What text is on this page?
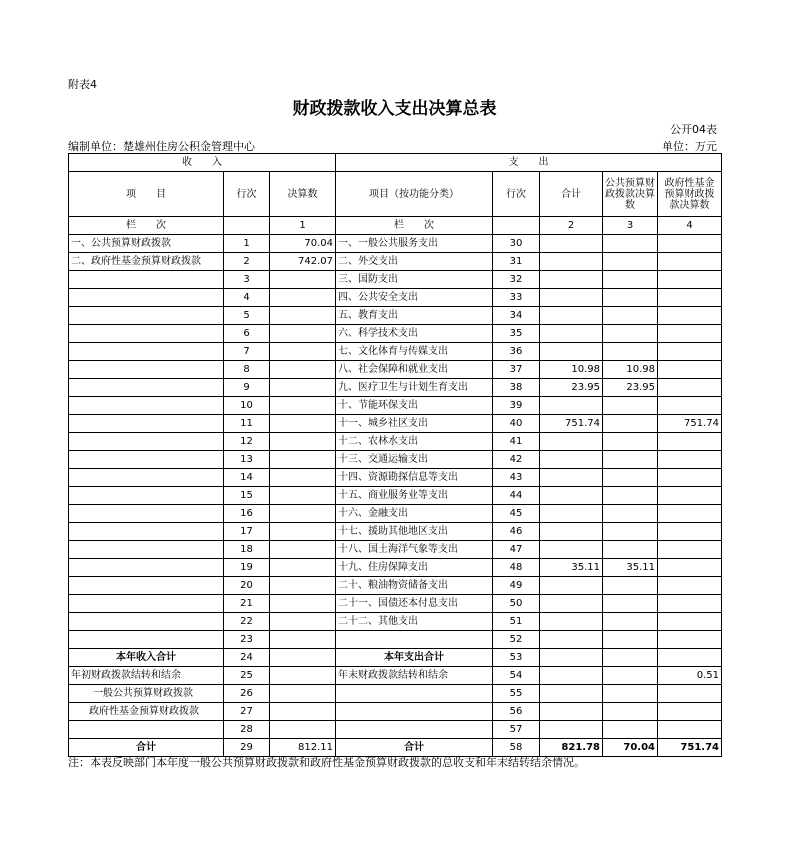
附表4
财政拨款收入支出决算总表
公开04表
编制单位：楚雄州住房公积金管理中心	单位：万元
收　　入			支　　出				
项　　目	行次	决算数	项目（按功能分类）	行次	合计	公共预算财政拨款决算数	政府性基金预算财政拨款决算数
栏　　次		1	栏　　次		2	3	4
一、公共预算财政拨款	1	70.04	一、一般公共服务支出	30			
二、政府性基金预算财政拨款	2	742.07	二、外交支出	31			
	3		三、国防支出	32			
	4		四、公共安全支出	33			
	5		五、教育支出	34			
	6		六、科学技术支出	35			
	7		七、文化体育与传媒支出	36			
	8		八、社会保障和就业支出	37	10.98	10.98	
	9		九、医疗卫生与计划生育支出	38	23.95	23.95	
	10		十、节能环保支出	39			
	11		十一、城乡社区支出	40	751.74		751.74
	12		十二、农林水支出	41			
	13		十三、交通运输支出	42			
	14		十四、资源勘探信息等支出	43			
	15		十五、商业服务业等支出	44			
	16		十六、金融支出	45			
	17		十七、援助其他地区支出	46			
	18		十八、国土海洋气象等支出	47			
	19		十九、住房保障支出	48	35.11	35.11	
	20		二十、粮油物资储备支出	49			
	21		二十一、国债还本付息支出	50			
	22		二十二、其他支出	51			
	23			52			
本年收入合计	24		本年支出合计	53			
年初财政拨款结转和结余	25		年末财政拨款结转和结余	54			0.51
一般公共预算财政拨款	26			55			
政府性基金预算财政拨款	27			56			
	28			57			
合计	29	812.11	合计	58	821.78	70.04	751.74
注：本表反映部门本年度一般公共预算财政拨款和政府性基金预算财政拨款的总收支和年末结转结余情况。
